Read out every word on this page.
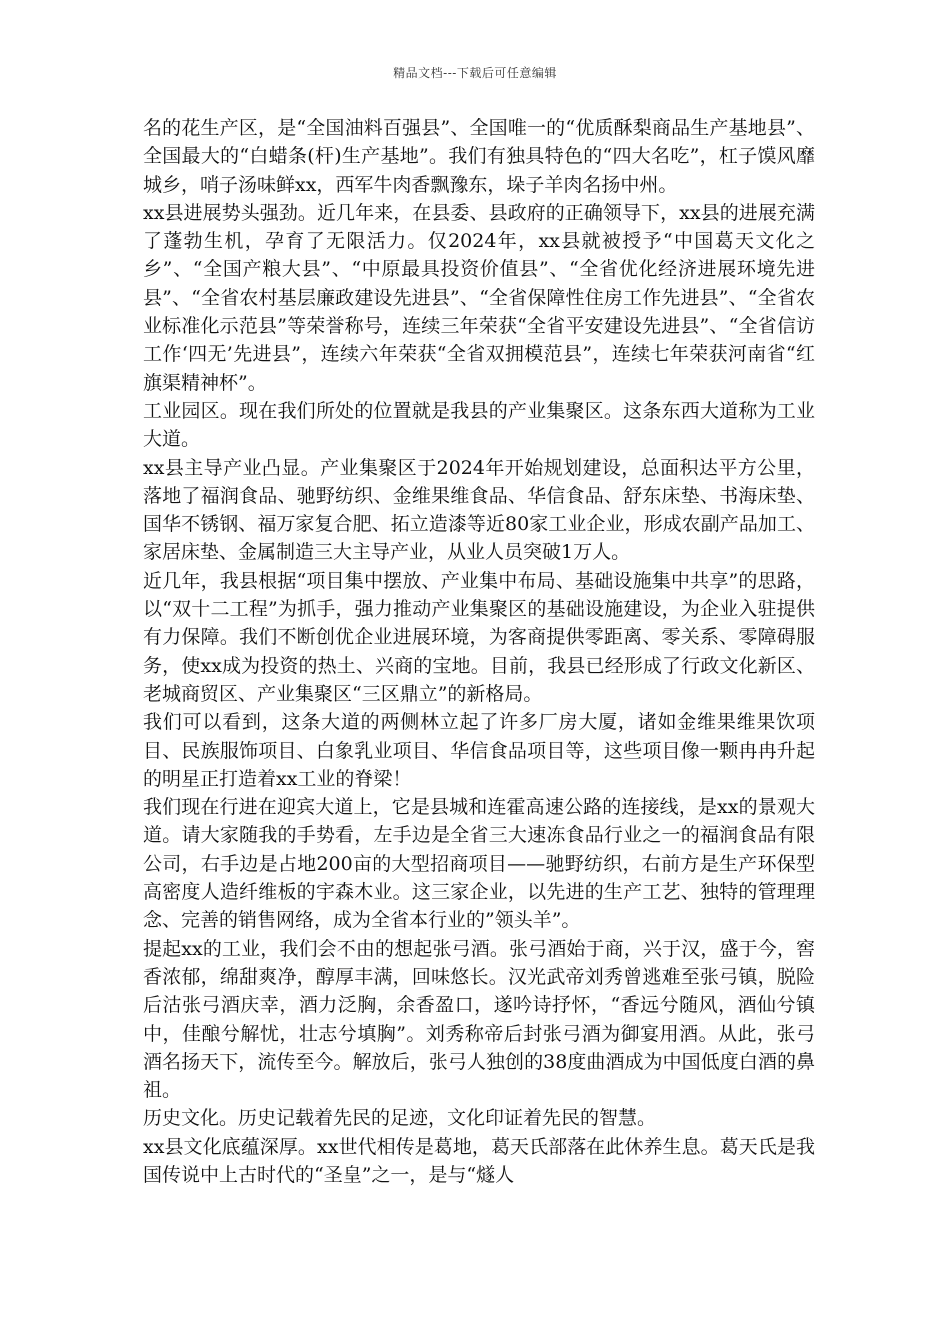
精品文档---下载后可任意编辑

名的花生产区，是“全国油料百强县”、全国唯一的“优质酥梨商品生产基地县”、全国最大的“白蜡条(杆)生产基地”。我们有独具特色的“四大名吃”，杠子馍风靡城乡，哨子汤味鲜xx，西军牛肉香飘豫东，垛子羊肉名扬中州。

xx县进展势头强劲。近几年来，在县委、县政府的正确领导下，xx县的进展充满了蓬勃生机，孕育了无限活力。仅2024年，xx县就被授予“中国葛天文化之乡”、“全国产粮大县”、“中原最具投资价值县”、“全省优化经济进展环境先进县”、“全省农村基层廉政建设先进县”、“全省保障性住房工作先进县”、“全省农业标准化示范县”等荣誉称号，连续三年荣获“全省平安建设先进县”、“全省信访工作‘四无’先进县”，连续六年荣获“全省双拥模范县”，连续七年荣获河南省“红旗渠精神杯”。

工业园区。现在我们所处的位置就是我县的产业集聚区。这条东西大道称为工业大道。

xx县主导产业凸显。产业集聚区于2024年开始规划建设，总面积达平方公里，落地了福润食品、驰野纺织、金维果维食品、华信食品、舒东床垫、书海床垫、国华不锈钢、福万家复合肥、拓立造漆等近80家工业企业，形成农副产品加工、家居床垫、金属制造三大主导产业，从业人员突破1万人。

近几年，我县根据“项目集中摆放、产业集中布局、基础设施集中共享”的思路，以“双十二工程”为抓手，强力推动产业集聚区的基础设施建设，为企业入驻提供有力保障。我们不断创优企业进展环境，为客商提供零距离、零关系、零障碍服务，使xx成为投资的热土、兴商的宝地。目前，我县已经形成了行政文化新区、老城商贸区、产业集聚区“三区鼎立”的新格局。

我们可以看到，这条大道的两侧林立起了许多厂房大厦，诸如金维果维果饮项目、民族服饰项目、白象乳业项目、华信食品项目等，这些项目像一颗冉冉升起的明星正打造着xx工业的脊梁！

我们现在行进在迎宾大道上，它是县城和连霍高速公路的连接线，是xx的景观大道。请大家随我的手势看，左手边是全省三大速冻食品行业之一的福润食品有限公司，右手边是占地200亩的大型招商项目——驰野纺织，右前方是生产环保型高密度人造纤维板的宇森木业。这三家企业，以先进的生产工艺、独特的管理理念、完善的销售网络，成为全省本行业的”领头羊”。

提起xx的工业，我们会不由的想起张弓酒。张弓酒始于商，兴于汉，盛于今，窖香浓郁，绵甜爽净，醇厚丰满，回味悠长。汉光武帝刘秀曾逃难至张弓镇，脱险后沽张弓酒庆幸，酒力泛胸，余香盈口，遂吟诗抒怀，“香远兮随风，酒仙兮镇中，佳酿兮解忧，壮志兮填胸”。刘秀称帝后封张弓酒为御宴用酒。从此，张弓酒名扬天下，流传至今。解放后，张弓人独创的38度曲酒成为中国低度白酒的鼻祖。

历史文化。历史记载着先民的足迹，文化印证着先民的智慧。

xx县文化底蕴深厚。xx世代相传是葛地，葛天氏部落在此休养生息。葛天氏是我国传说中上古时代的“圣皇”之一，是与“燧人
